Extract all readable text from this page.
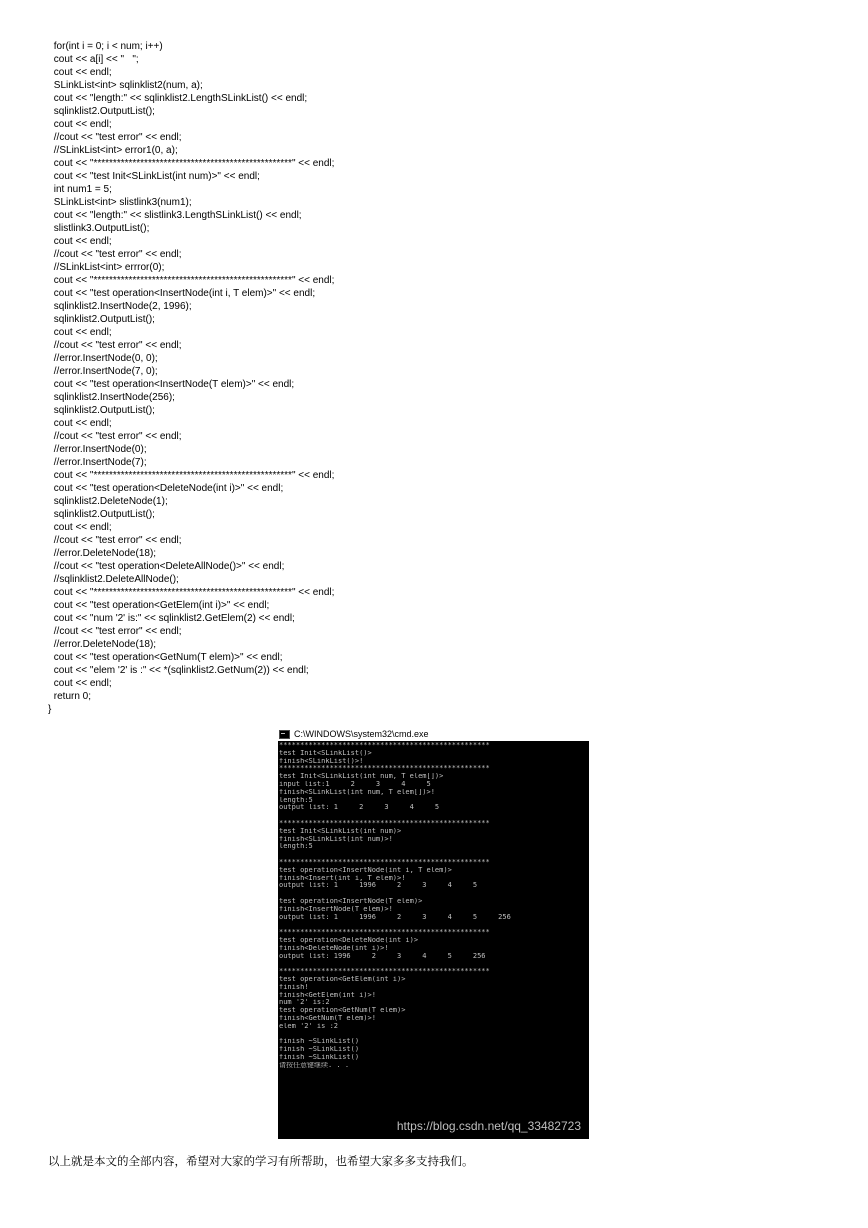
for(int i = 0; i < num; i++)
cout << a[i] << "   ";
cout << endl;
SLinkList<int> sqlinklist2(num, a);
cout << "length:" << sqlinklist2.LengthSLinkList() << endl;
sqlinklist2.OutputList();
cout << endl;
//cout << "test error" << endl;
//SLinkList<int> error1(0, a);
cout << "***************************************************" << endl;
cout << "test Init<SLinkList(int num)>" << endl;
int num1 = 5;
SLinkList<int> slistlink3(num1);
cout << "length:" << slistlink3.LengthSLinkList() << endl;
slistlink3.OutputList();
cout << endl;
//cout << "test error" << endl;
//SLinkList<int> errror(0);
cout << "***************************************************" << endl;
cout << "test operation<InsertNode(int i, T elem)>" << endl;
sqlinklist2.InsertNode(2, 1996);
sqlinklist2.OutputList();
cout << endl;
//cout << "test error" << endl;
//error.InsertNode(0, 0);
//error.InsertNode(7, 0);
cout << "test operation<InsertNode(T elem)>" << endl;
sqlinklist2.InsertNode(256);
sqlinklist2.OutputList();
cout << endl;
//cout << "test error" << endl;
//error.InsertNode(0);
//error.InsertNode(7);
cout << "***************************************************" << endl;
cout << "test operation<DeleteNode(int i)>" << endl;
sqlinklist2.DeleteNode(1);
sqlinklist2.OutputList();
cout << endl;
//cout << "test error" << endl;
//error.DeleteNode(18);
//cout << "test operation<DeleteAllNode()>" << endl;
//sqlinklist2.DeleteAllNode();
cout << "***************************************************" << endl;
cout << "test operation<GetElem(int i)>" << endl;
cout << "num '2' is:" << sqlinklist2.GetElem(2) << endl;
//cout << "test error" << endl;
//error.DeleteNode(18);
cout << "test operation<GetNum(T elem)>" << endl;
cout << "elem '2' is :" << *(sqlinklist2.GetNum(2)) << endl;
cout << endl;
return 0;
}
C:\WINDOWS\system32\cmd.exe
**************************************************
test Init<SLinkList()>
finish<SLinkList()>!
**************************************************
test Init<SLinkList(int num, T elem[])>
input list:1     2     3     4     5
finish<SLinkList(int num, T elem[])>!
length:5
output list: 1     2     3     4     5
**************************************************
test Init<SLinkList(int num)>
finish<SLinkList(int num)>!
length:5
**************************************************
test operation<InsertNode(int i, T elem)>
finish<Insert(int i, T elem)>!
output list: 1     1996     2     3     4     5
test operation<InsertNode(T elem)>
finish<InsertNode(T elem)>!
output list: 1     1996     2     3     4     5     256
**************************************************
test operation<DeleteNode(int i)>
finish<DeleteNode(int i)>!
output list: 1996     2     3     4     5     256
**************************************************
test operation<GetElem(int i)>
finish!
finish<GetElem(int i)>!
num '2' is:2
test operation<GetNum(T elem)>
finish<GetNum(T elem)>!
elem '2' is :2
finish ~SLinkList()
finish ~SLinkList()
finish ~SLinkList()
请按任意键继续. . .
https://blog.csdn.net/qq_33482723
以上就是本文的全部内容，希望对大家的学习有所帮助，也希望大家多多支持我们。
